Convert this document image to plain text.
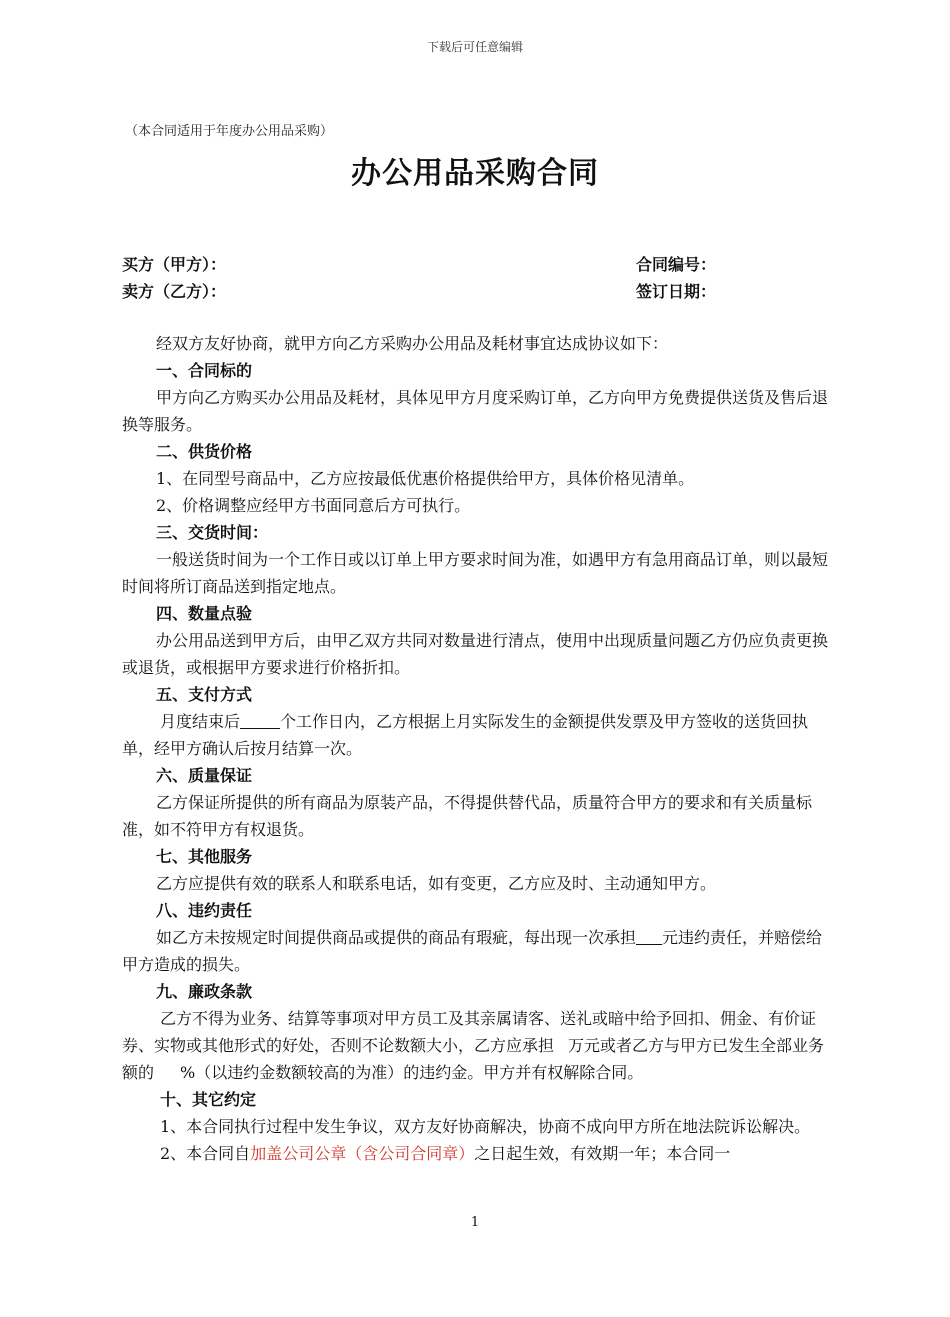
下载后可任意编辑
（本合同适用于年度办公用品采购）
办公用品采购合同
买方（甲方）：
卖方（乙方）：
合同编号：
签订日期：

经双方友好协商，就甲方向乙方采购办公用品及耗材事宜达成协议如下：

一、合同标的

甲方向乙方购买办公用品及耗材，具体见甲方月度采购订单，乙方向甲方免费提供送货及售后退换等服务。

二、供货价格

1、在同型号商品中，乙方应按最低优惠价格提供给甲方，具体价格见清单。

2、价格调整应经甲方书面同意后方可执行。

三、交货时间：

一般送货时间为一个工作日或以订单上甲方要求时间为准，如遇甲方有急用商品订单，则以最短时间将所订商品送到指定地点。

四、数量点验

办公用品送到甲方后，由甲乙双方共同对数量进行清点，使用中出现质量问题乙方仍应负责更换或退货，或根据甲方要求进行价格折扣。

五、支付方式

月度结束后	个工作日内，乙方根据上月实际发生的金额提供发票及甲方签收的送货回执单，经甲方确认后按月结算一次。

六、质量保证

乙方保证所提供的所有商品为原装产品，不得提供替代品，质量符合甲方的要求和有关质量标准，如不符甲方有权退货。

七、其他服务

乙方应提供有效的联系人和联系电话，如有变更，乙方应及时、主动通知甲方。

八、违约责任

如乙方未按规定时间提供商品或提供的商品有瑕疵，每出现一次承担 元违约责任，并赔偿给甲方造成的损失。

九、廉政条款

乙方不得为业务、结算等事项对甲方员工及其亲属请客、送礼或暗中给予回扣、佣金、有价证券、实物或其他形式的好处，否则不论数额大小，乙方应承担 万元或者乙方与甲方已发生全部业务额的 %（以违约金数额较高的为准）的违约金。甲方并有权解除合同。

十、其它约定

1、本合同执行过程中发生争议，双方友好协商解决，协商不成向甲方所在地法院诉讼解决。

2、本合同自加盖公司公章（含公司合同章）之日起生效，有效期一年；本合同一

1
